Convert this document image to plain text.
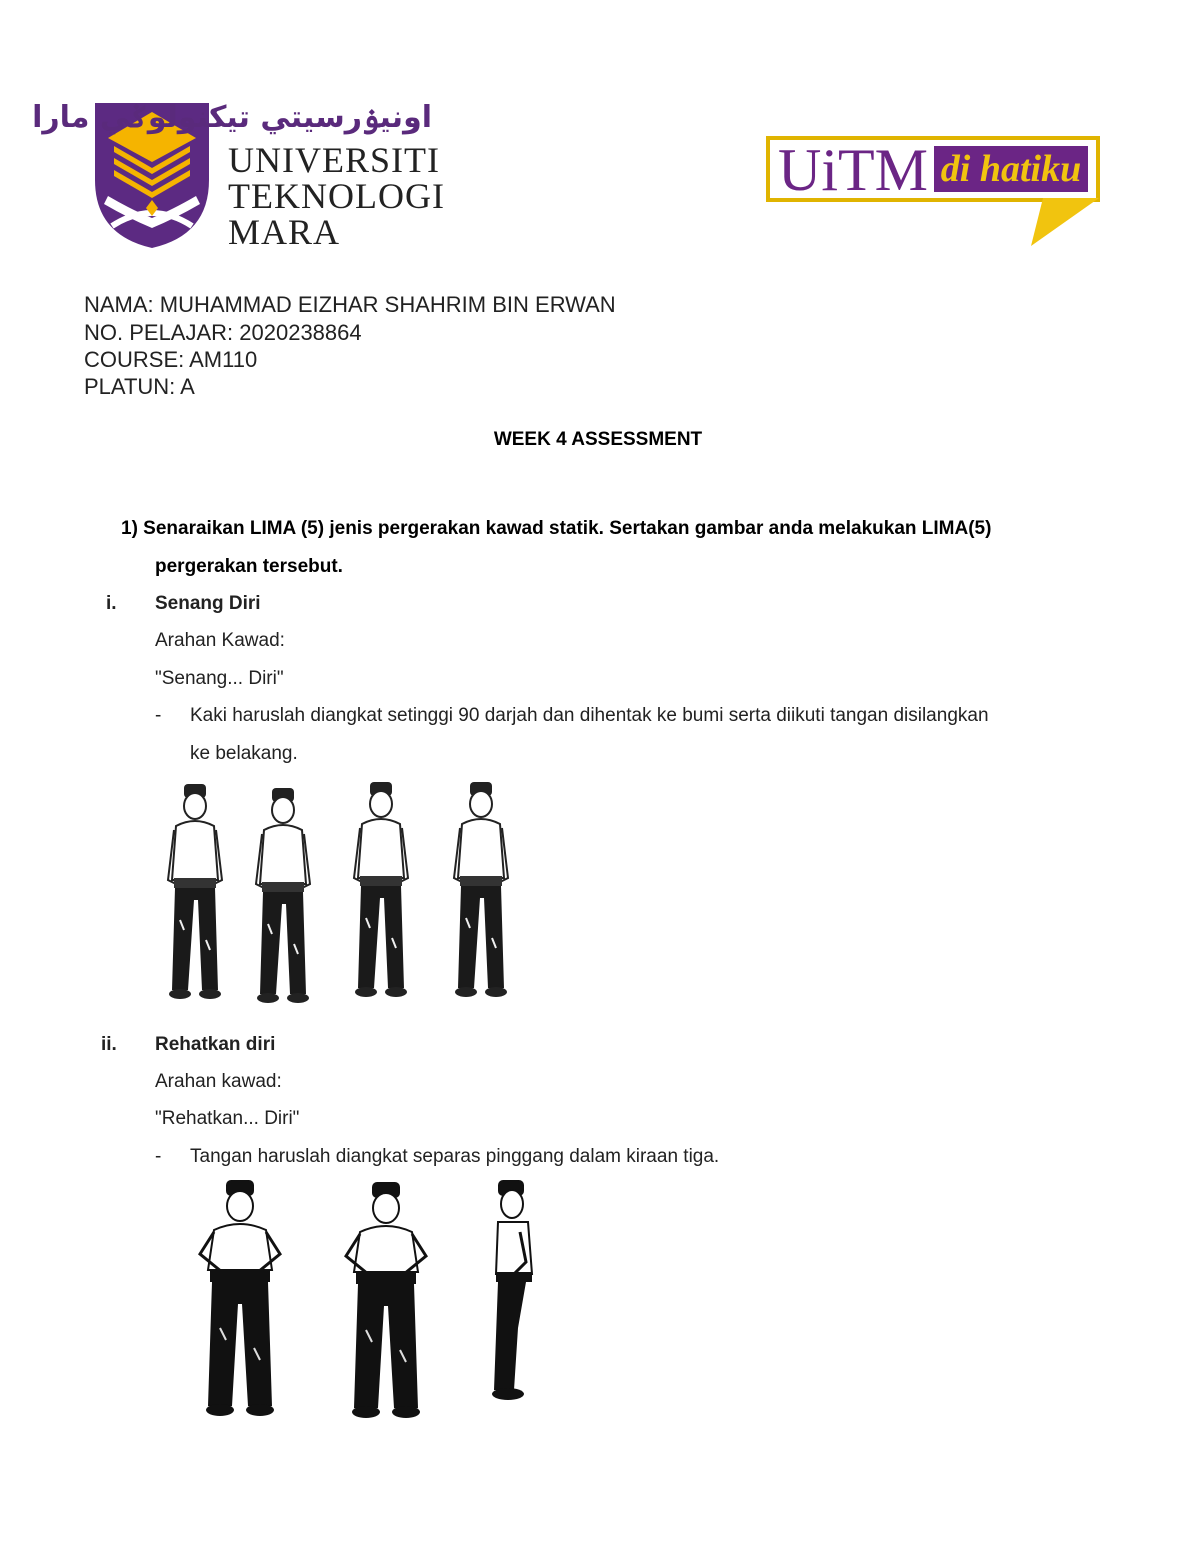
اونيۏرسيتي تيکنولوݢي مارا
UNIVERSITI
TEKNOLOGI
MARA
UiTM di hatiku
NAMA: MUHAMMAD EIZHAR SHAHRIM BIN ERWAN
NO. PELAJAR: 2020238864
COURSE: AM110
PLATUN: A
WEEK 4 ASSESSMENT
1) Senaraikan LIMA (5) jenis pergerakan kawad statik. Sertakan gambar anda melakukan LIMA(5)
pergerakan tersebut.
i. Senang Diri
Arahan Kawad:
"Senang... Diri"
- Kaki haruslah diangkat setinggi 90 darjah dan dihentak ke bumi serta diikuti tangan disilangkan
ke belakang.
ii. Rehatkan diri
Arahan kawad:
"Rehatkan... Diri"
- Tangan haruslah diangkat separas pinggang dalam kiraan tiga.
